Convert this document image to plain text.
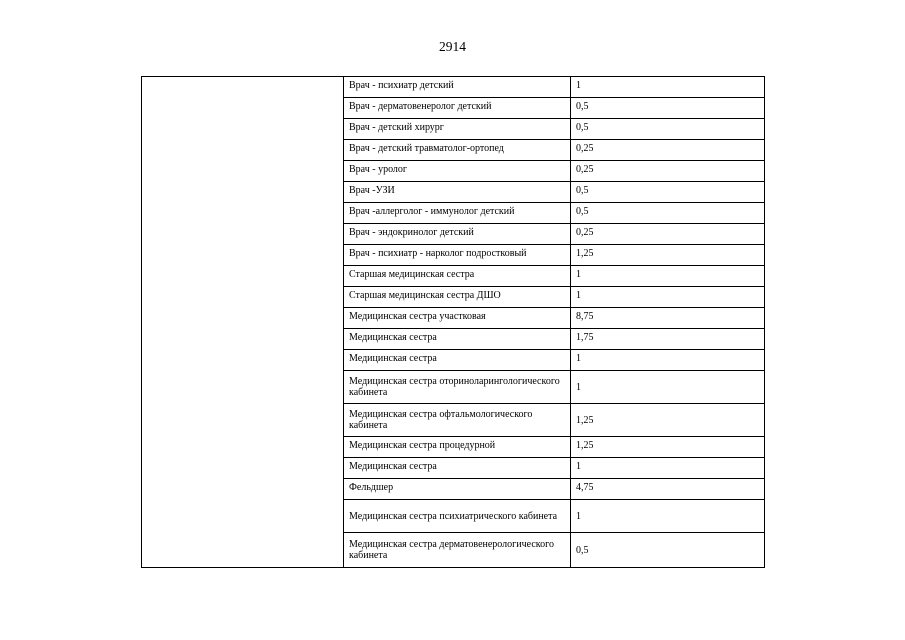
2914

	Врач - психиатр детский	1

	Врач - дерматовенеролог детский	0,5

	Врач - детский хирург	0,5

	Врач - детский травматолог-ортопед	0,25

	Врач - уролог	0,25

	Врач -УЗИ	0,5

	Врач -аллерголог - иммунолог детский	0,5

	Врач - эндокринолог детский	0,25

	Врач - психиатр - нарколог подростковый	1,25

	Старшая медицинская сестра	1

	Старшая медицинская сестра ДШО	1

	Медицинская сестра участковая	8,75

	Медицинская сестра	1,75

	Медицинская сестра	1

	Медицинская сестра оториноларингологического кабинета	1

	Медицинская сестра офтальмологического кабинета	1,25

	Медицинская сестра процедурной	1,25

	Медицинская сестра	1

	Фельдшер	4,75

	Медицинская сестра психиатрического кабинета	1

	Медицинская сестра дерматовенерологического кабинета	0,5
